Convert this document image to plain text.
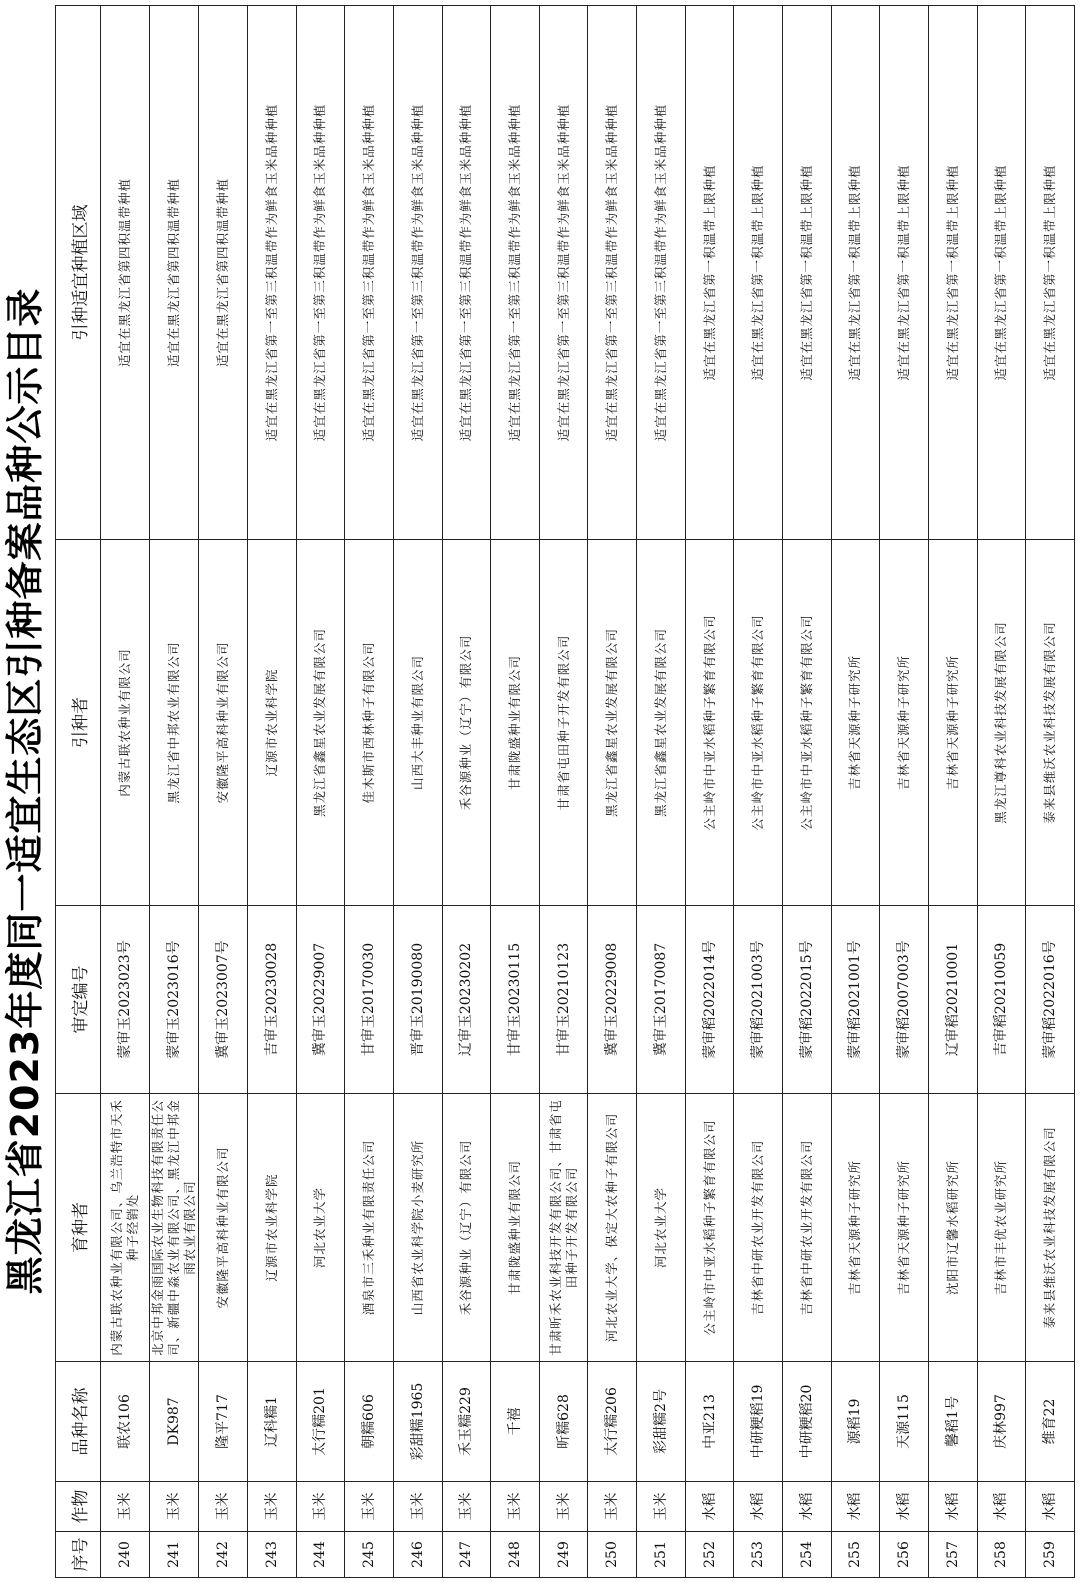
黑龙江省2023年度同一适宜生态区引种备案品种公示目录
序号	作物	品种名称	育种者	审定编号	引种者	引种适宜种植区域
240	玉米	联农106	内蒙古联农种业有限公司、乌兰浩特市天禾种子经销处	蒙审玉2023023号	内蒙古联农种业有限公司	适宜在黑龙江省第四积温带种植
241	玉米	DK987	北京中邦金雨国际农业生物科技有限责任公司、新疆中淼农业有限公司、黑龙江中邦金雨农业有限公司	蒙审玉2023016号	黑龙江省中邦农业有限公司	适宜在黑龙江省第四积温带种植
242	玉米	隆平717	安徽隆平高科种业有限公司	冀审玉2023007号	安徽隆平高科种业有限公司	适宜在黑龙江省第四积温带种植
243	玉米	辽科糯1	辽源市农业科学院	吉审玉20230028	辽源市农业科学院	适宜在黑龙江省第一至第三积温带作为鲜食玉米品种种植
244	玉米	太行糯201	河北农业大学	冀审玉20229007	黑龙江省鑫星农业发展有限公司	适宜在黑龙江省第一至第三积温带作为鲜食玉米品种种植
245	玉米	朝糯606	酒泉市三禾种业有限责任公司	甘审玉20170030	佳木斯市西林种子有限公司	适宜在黑龙江省第一至第三积温带作为鲜食玉米品种种植
246	玉米	彩甜糯1965	山西省农业科学院小麦研究所	晋审玉20190080	山西大丰种业有限公司	适宜在黑龙江省第一至第三积温带作为鲜食玉米品种种植
247	玉米	禾玉糯229	禾谷源种业（辽宁）有限公司	辽审玉20230202	禾谷源种业（辽宁）有限公司	适宜在黑龙江省第一至第三积温带作为鲜食玉米品种种植
248	玉米	千禧	甘肃陇盛种业有限公司	甘审玉20230115	甘肃陇盛种业有限公司	适宜在黑龙江省第一至第三积温带作为鲜食玉米品种种植
249	玉米	昕糯628	甘肃昕禾农业科技开发有限公司、甘肃省屯田种子开发有限公司	甘审玉20210123	甘肃省屯田种子开发有限公司	适宜在黑龙江省第一至第三积温带作为鲜食玉米品种种植
250	玉米	太行糯206	河北农业大学、保定大农种子有限公司	冀审玉20229008	黑龙江省鑫星农业发展有限公司	适宜在黑龙江省第一至第三积温带作为鲜食玉米品种种植
251	玉米	彩甜糯2号	河北农业大学	冀审玉20170087	黑龙江省鑫星农业发展有限公司	适宜在黑龙江省第一至第三积温带作为鲜食玉米品种种植
252	水稻	中亚213	公主岭市中亚水稻种子繁育有限公司	蒙审稻2022014号	公主岭市中亚水稻种子繁育有限公司	适宜在黑龙江省第一积温带上限种植
253	水稻	中研粳稻19	吉林省中研农业开发有限公司	蒙审稻2021003号	公主岭市中亚水稻种子繁育有限公司	适宜在黑龙江省第一积温带上限种植
254	水稻	中研粳稻20	吉林省中研农业开发有限公司	蒙审稻2022015号	公主岭市中亚水稻种子繁育有限公司	适宜在黑龙江省第一积温带上限种植
255	水稻	源稻19	吉林省天源种子研究所	蒙审稻2021001号	吉林省天源种子研究所	适宜在黑龙江省第一积温带上限种植
256	水稻	天源115	吉林省天源种子研究所	蒙审稻2007003号	吉林省天源种子研究所	适宜在黑龙江省第一积温带上限种植
257	水稻	馨稻1号	沈阳市辽馨水稻研究所	辽审稻20210001	吉林省天源种子研究所	适宜在黑龙江省第一积温带上限种植
258	水稻	庆林997	吉林市丰优农业研究所	吉审稻20210059	黑龙江尊科农业科技发展有限公司	适宜在黑龙江省第一积温带上限种植
259	水稻	维育22	泰来县维沃农业科技发展有限公司	蒙审稻2022016号	泰来县维沃农业科技发展有限公司	适宜在黑龙江省第一积温带上限种植
